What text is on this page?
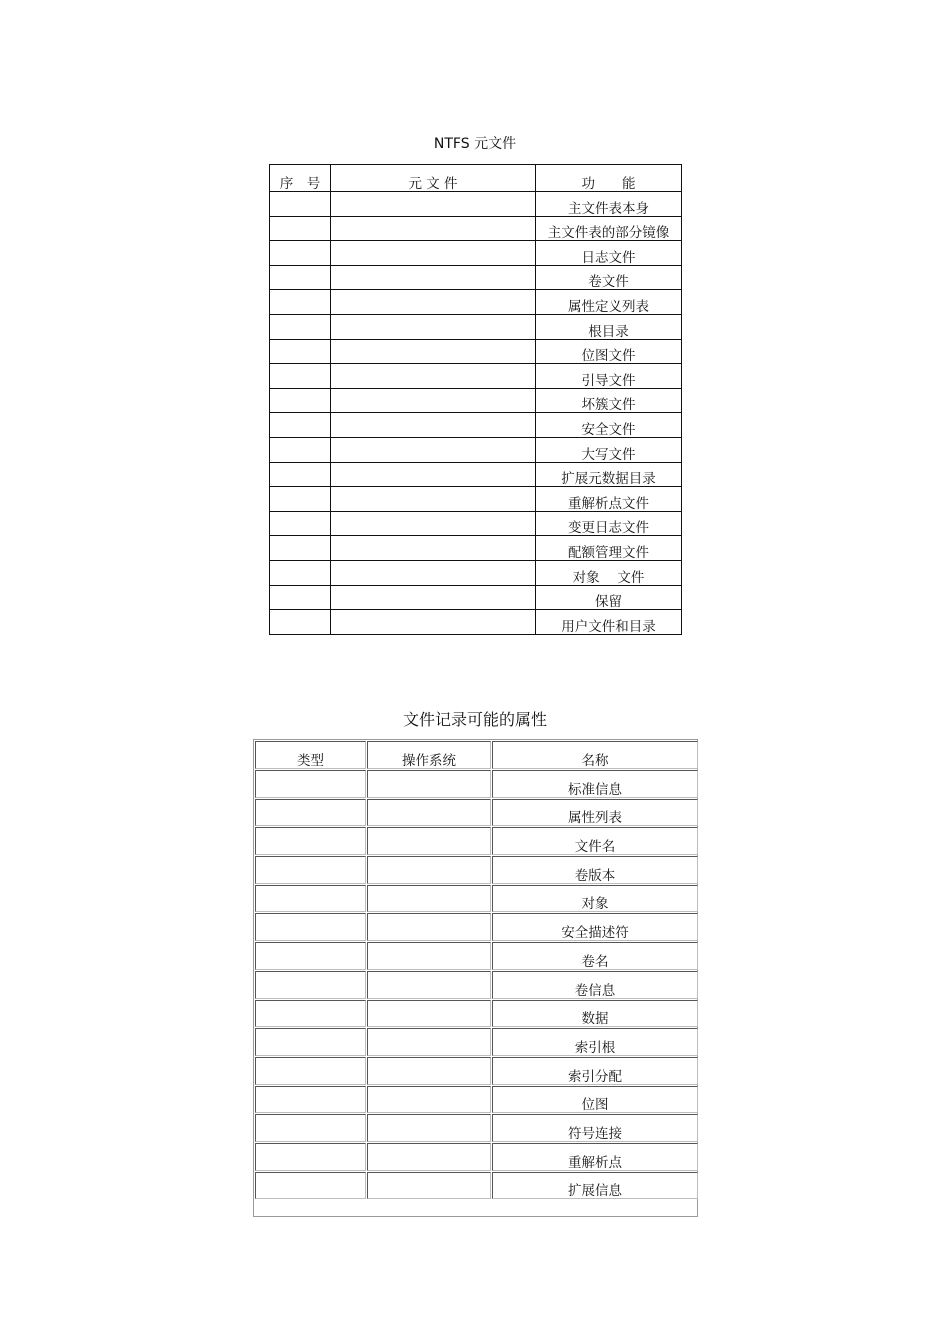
NTFS 元文件
序　号	元 文 件	功　　能
		主文件表本身
		主文件表的部分镜像
		日志文件
		卷文件
		属性定义列表
		根目录
		位图文件
		引导文件
		坏簇文件
		安全文件
		大写文件
		扩展元数据目录
		重解析点文件
		变更日志文件
		配额管理文件
		对象　 文件
		保留
		用户文件和目录
文件记录可能的属性
类型	操作系统	名称
		标准信息
		属性列表
		文件名
		卷版本
		对象
		安全描述符
		卷名
		卷信息
		数据
		索引根
		索引分配
		位图
		符号连接
		重解析点
		扩展信息
